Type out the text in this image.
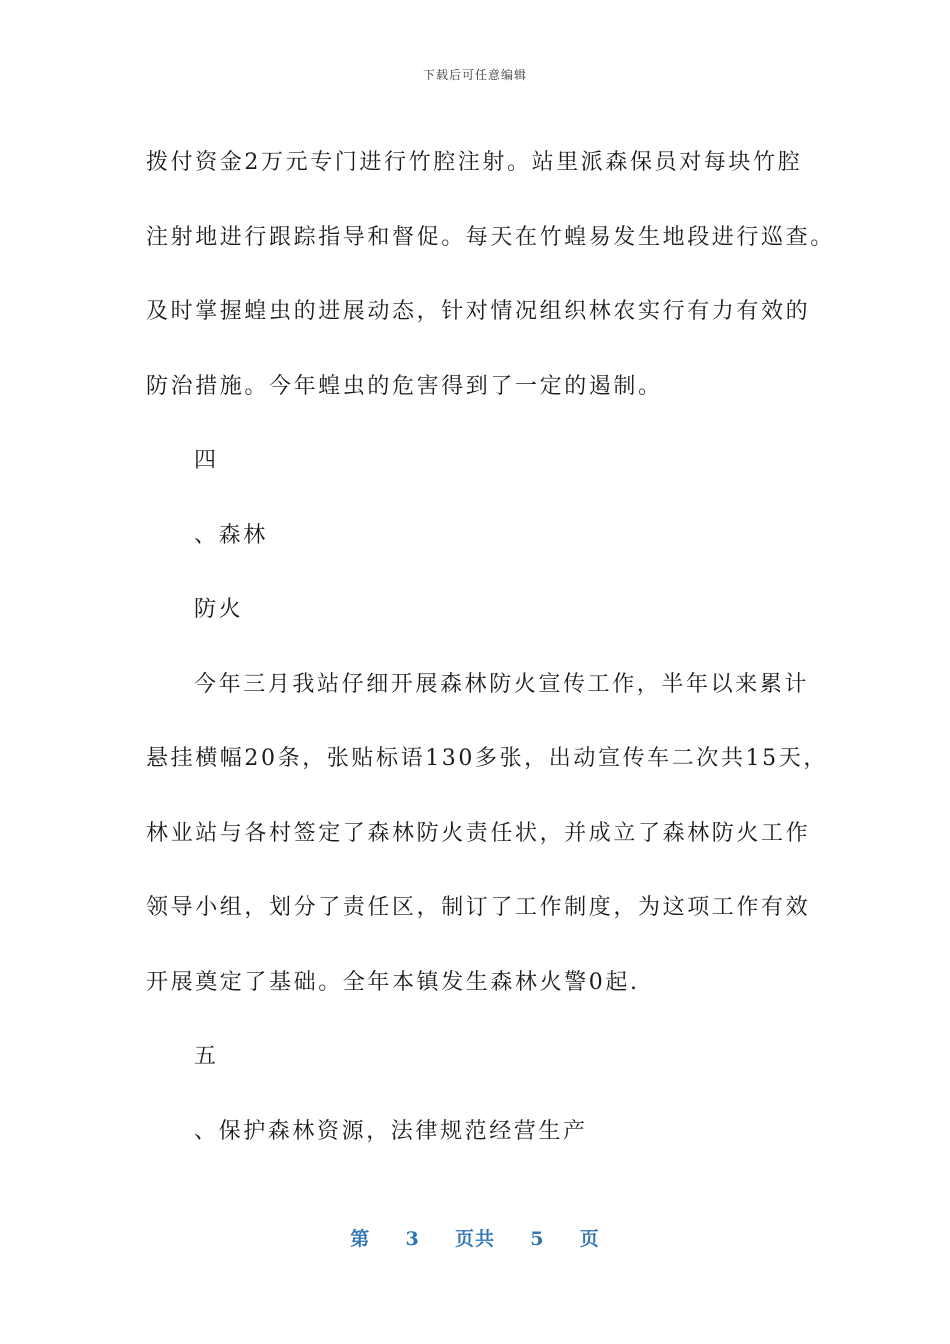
下载后可任意编辑
拨付资金2万元专门进行竹腔注射。站里派森保员对每块竹腔
注射地进行跟踪指导和督促。每天在竹蝗易发生地段进行巡查。
及时掌握蝗虫的进展动态，针对情况组织林农实行有力有效的
防治措施。今年蝗虫的危害得到了一定的遏制。
四
、森林
防火
今年三月我站仔细开展森林防火宣传工作，半年以来累计
悬挂横幅20条，张贴标语130多张，出动宣传车二次共15天，
林业站与各村签定了森林防火责任状，并成立了森林防火工作
领导小组，划分了责任区，制订了工作制度，为这项工作有效
开展奠定了基础。全年本镇发生森林火警0起.
五
、保护森林资源，法律规范经营生产
第 3 页共 5 页
